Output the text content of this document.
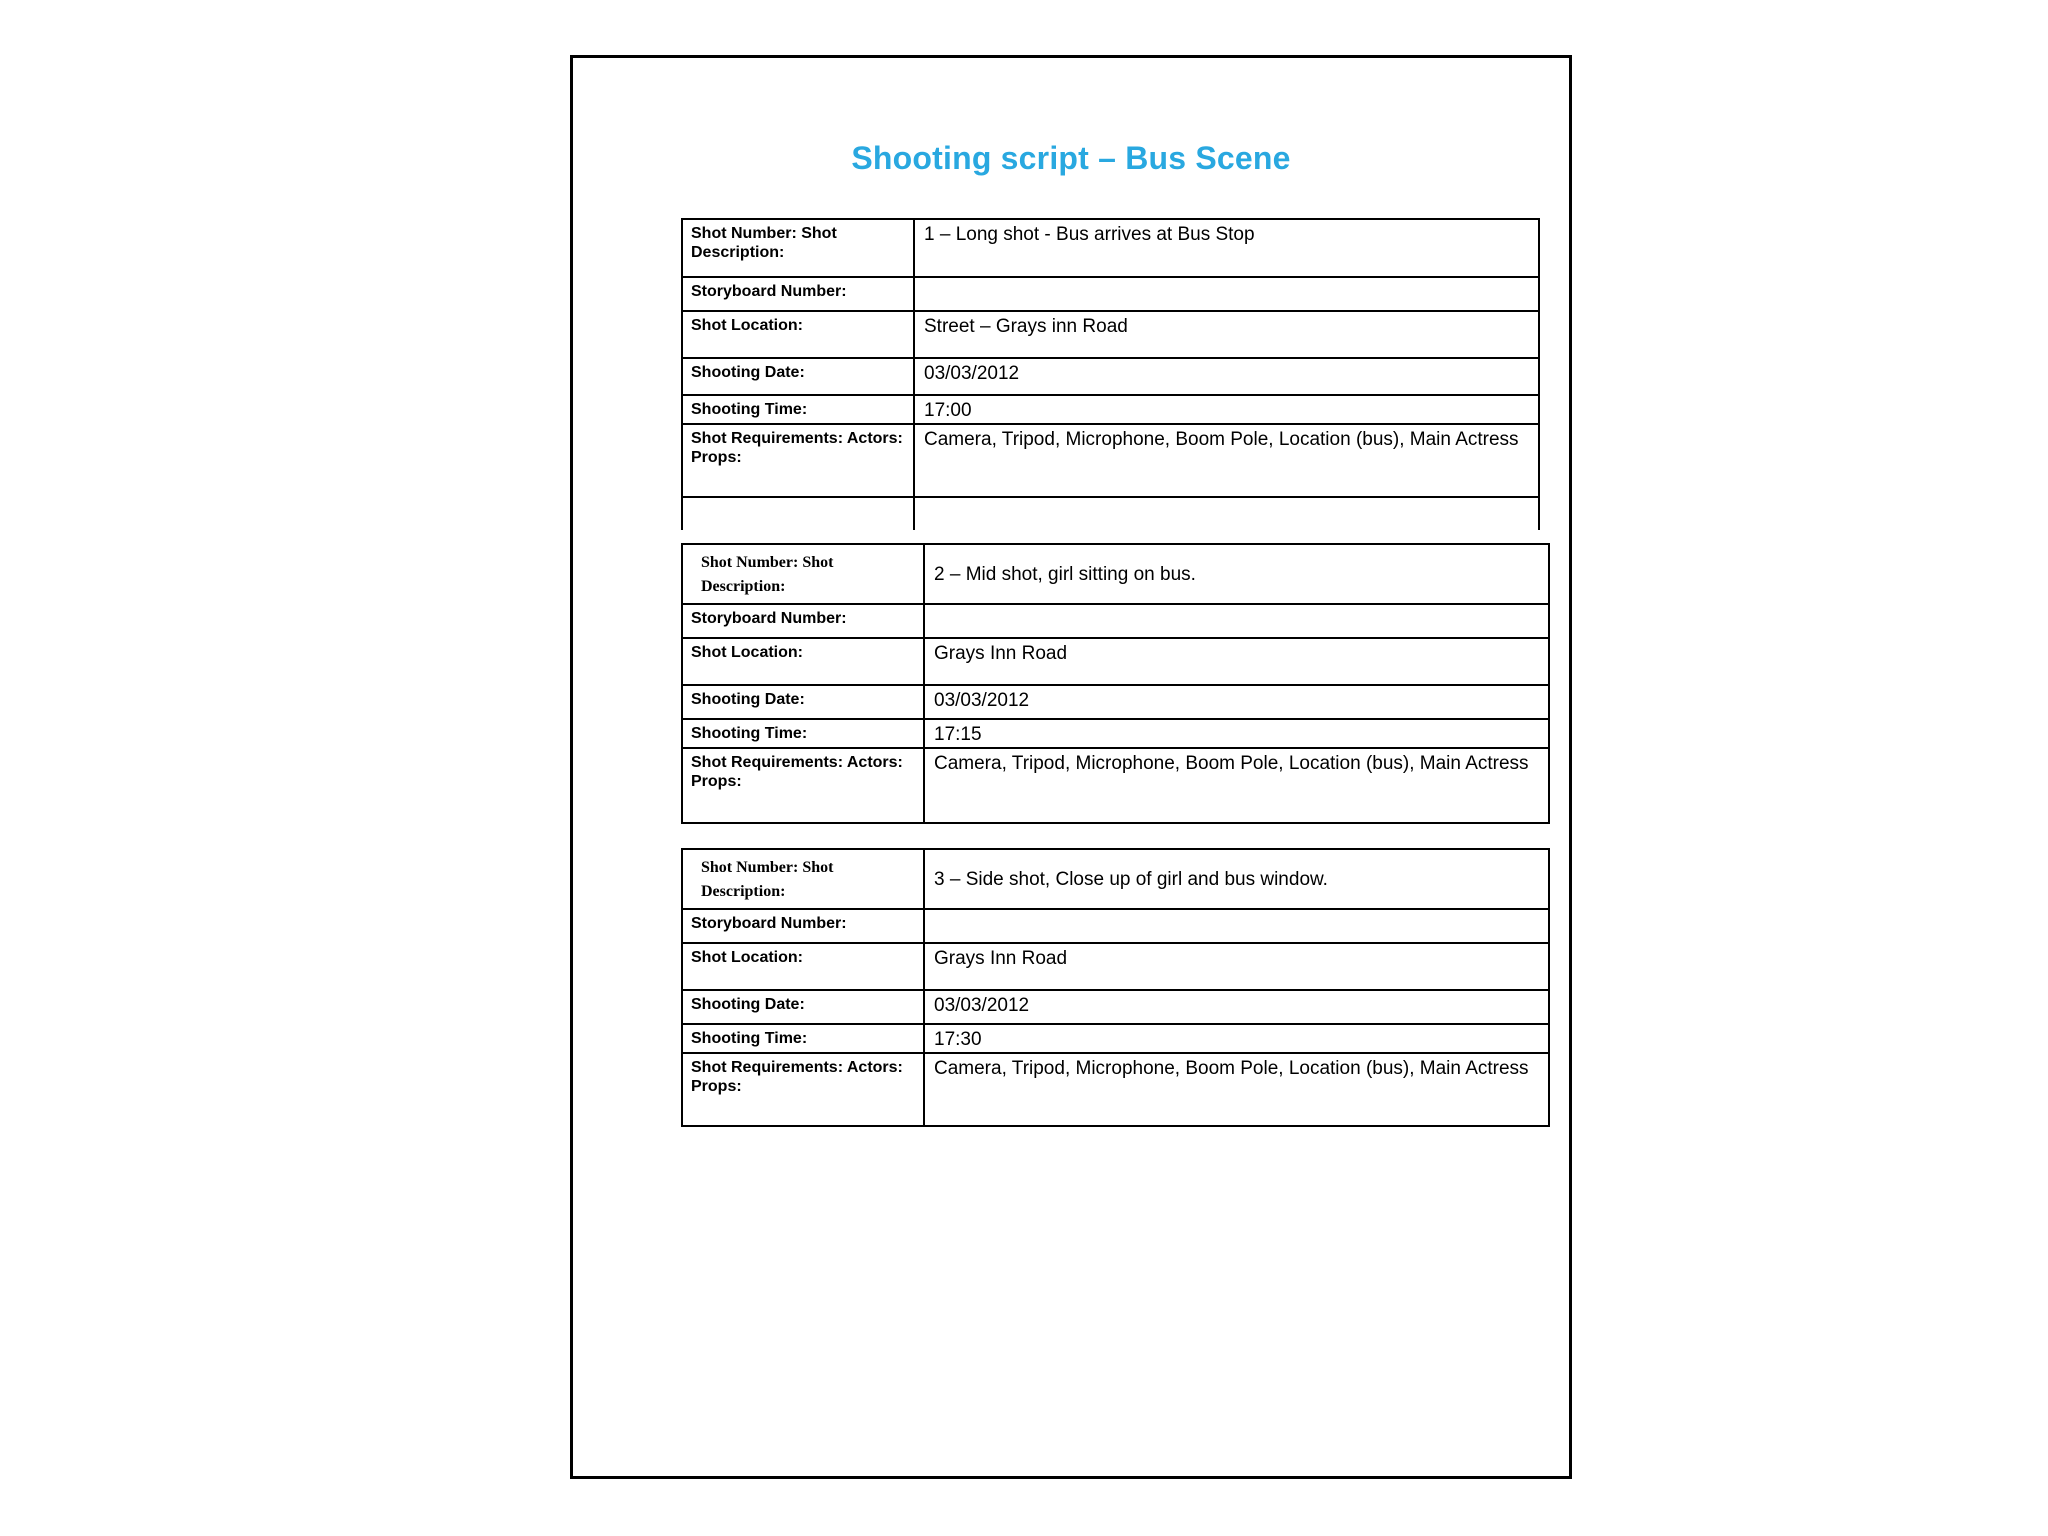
Shooting script – Bus Scene
Shot Number: Shot Description:	1 – Long shot - Bus arrives at Bus Stop
Storyboard Number:	
Shot Location:	Street – Grays inn Road
Shooting Date:	03/03/2012
Shooting Time:	17:00
Shot Requirements: Actors: Props:	Camera, Tripod, Microphone, Boom Pole, Location (bus), Main Actress

Shot Number: Shot Description:	2 – Mid shot, girl sitting on bus.
Storyboard Number:	
Shot Location:	Grays Inn Road
Shooting Date:	03/03/2012
Shooting Time:	17:15
Shot Requirements: Actors: Props:	Camera, Tripod, Microphone, Boom Pole, Location (bus), Main Actress
Shot Number: Shot Description:	3 – Side shot, Close up of girl and bus window.
Storyboard Number:	
Shot Location:	Grays Inn Road
Shooting Date:	03/03/2012
Shooting Time:	17:30
Shot Requirements: Actors: Props:	Camera, Tripod, Microphone, Boom Pole, Location (bus), Main Actress
